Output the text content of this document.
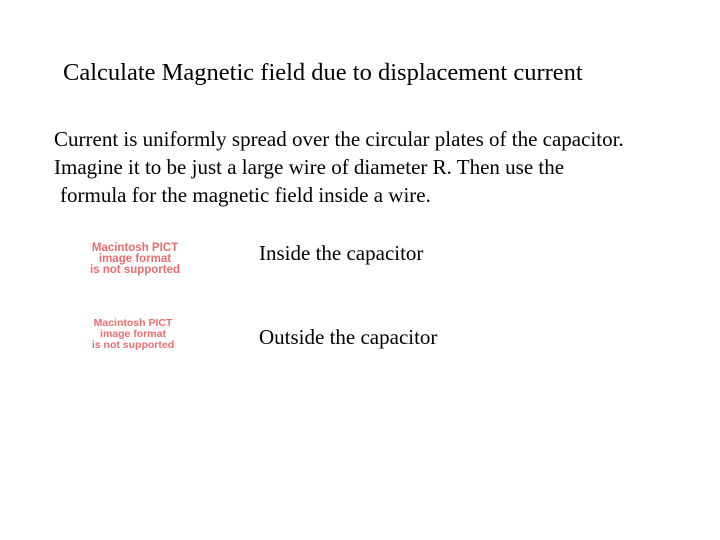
Calculate Magnetic field due to displacement current
Current is uniformly spread over the circular plates of the capacitor.
Imagine it to be just a large wire of diameter R. Then use the
formula for the magnetic field inside a wire.
Macintosh PICT
image format
is not supported
Inside the capacitor
Macintosh PICT
image format
is not supported	Outside the capacitor
